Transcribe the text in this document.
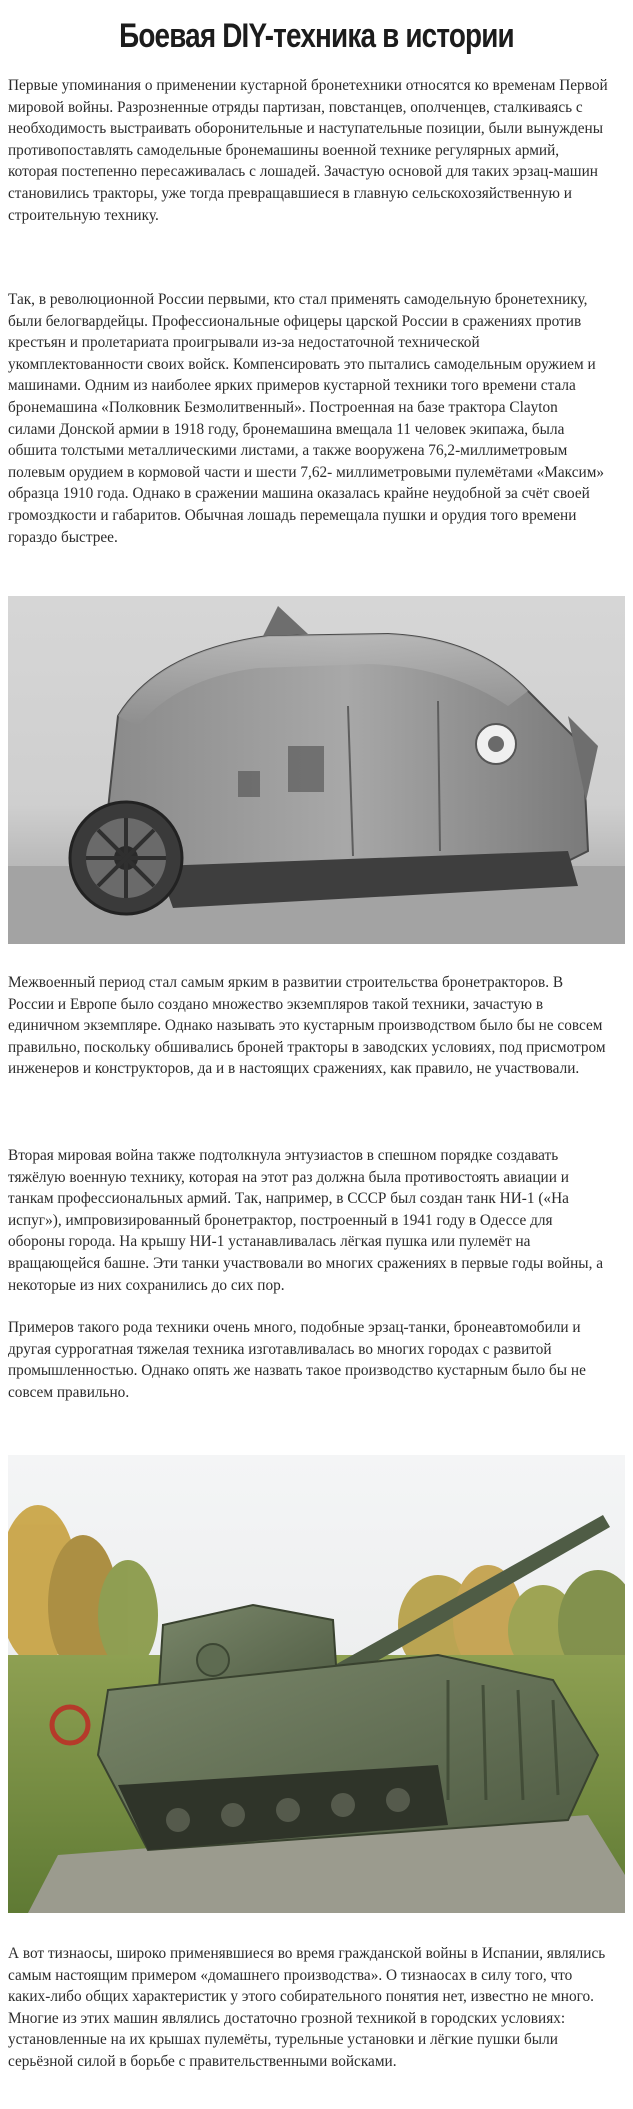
Боевая DIY-техника в истории

Первые упоминания о применении кустарной бронетехники относятся ко временам Первой мировой войны. Разрозненные отряды партизан, повстанцев, ополченцев, сталкиваясь с необходимость выстраивать оборонительные и наступательные позиции, были вынуждены противопоставлять самодельные бронемашины военной технике регулярных армий, которая постепенно пересаживалась с лошадей. Зачастую основой для таких эрзац-машин становились тракторы, уже тогда превращавшиеся в главную сельскохозяйственную и строительную технику.

Так, в революционной России первыми, кто стал применять самодельную бронетехнику, были белогвардейцы. Профессиональные офицеры царской России в сражениях против крестьян и пролетариата проигрывали из-за недостаточной технической укомплектованности своих войск. Компенсировать это пытались самодельным оружием и машинами. Одним из наиболее ярких примеров кустарной техники того времени стала бронемашина «Полковник Безмолитвенный». Построенная на базе трактора Clayton силами Донской армии в 1918 году, бронемашина вмещала 11 человек экипажа, была обшита толстыми металлическими листами, а также вооружена 76,2-миллиметровым полевым орудием в кормовой части и шести 7,62- миллиметровыми пулемётами «Максим» образца 1910 года. Однако в сражении машина оказалась крайне неудобной за счёт своей громоздкости и габаритов. Обычная лошадь перемещала пушки и орудия того времени гораздо быстрее.

Межвоенный период стал самым ярким в развитии строительства бронетракторов. В России и Европе было создано множество экземпляров такой техники, зачастую в единичном экземпляре. Однако называть это кустарным производством было бы не совсем правильно, поскольку обшивались броней тракторы в заводских условиях, под присмотром инженеров и конструкторов, да и в настоящих сражениях, как правило, не участвовали.

Вторая мировая война также подтолкнула энтузиастов в спешном порядке создавать тяжёлую военную технику, которая на этот раз должна была противостоять авиации и танкам профессиональных армий. Так, например, в СССР был создан танк НИ-1 («На испуг»), импровизированный бронетрактор, построенный в 1941 году в Одессе для обороны города. На крышу НИ-1 устанавливалась лёгкая пушка или пулемёт на вращающейся башне. Эти танки участвовали во многих сражениях в первые годы войны, а некоторые из них сохранились до сих пор.

Примеров такого рода техники очень много, подобные эрзац-танки, бронеавтомобили и другая суррогатная тяжелая техника изготавливалась во многих городах с развитой промышленностью. Однако опять же назвать такое производство кустарным было бы не совсем правильно.

А вот тизнаосы, широко применявшиеся во время гражданской войны в Испании, являлись самым настоящим примером «домашнего производства». О тизнаосах в силу того, что каких-либо общих характеристик у этого собирательного понятия нет, известно не много. Многие из этих машин являлись достаточно грозной техникой в городских условиях: установленные на их крышах пулемёты, турельные установки и лёгкие пушки были серьёзной силой в борьбе с правительственными войсками.
